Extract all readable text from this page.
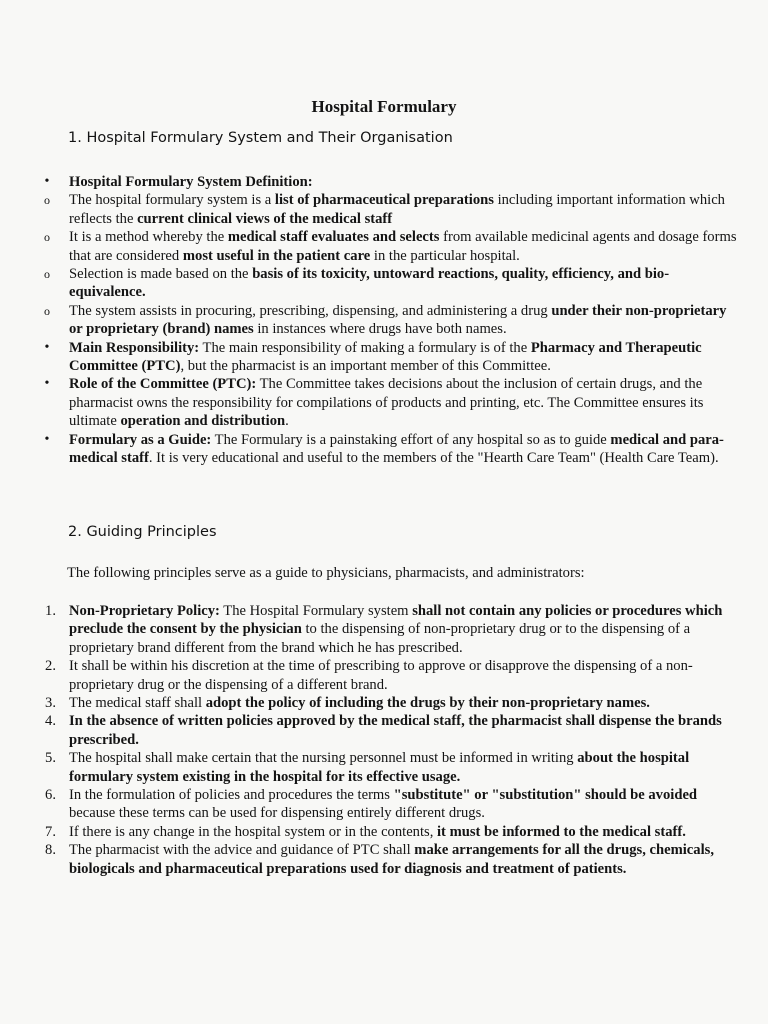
Hospital Formulary
1. Hospital Formulary System and Their Organisation

•	Hospital Formulary System Definition:

o	The hospital formulary system is a list of pharmaceutical preparations including important information which reflects the current clinical views of the medical staff

o	It is a method whereby the medical staff evaluates and selects from available medicinal agents and dosage forms that are considered most useful in the patient care in the particular hospital.

o	Selection is made based on the basis of its toxicity, untoward reactions, quality, efficiency, and bio-equivalence.

o	The system assists in procuring, prescribing, dispensing, and administering a drug under their non-proprietary or proprietary (brand) names in instances where drugs have both names.

•	Main Responsibility: The main responsibility of making a formulary is of the Pharmacy and Therapeutic Committee (PTC), but the pharmacist is an important member of this Committee.

•	Role of the Committee (PTC): The Committee takes decisions about the inclusion of certain drugs, and the pharmacist owns the responsibility for compilations of products and printing, etc. The Committee ensures its ultimate operation and distribution.

•	Formulary as a Guide: The Formulary is a painstaking effort of any hospital so as to guide medical and para-medical staff. It is very educational and useful to the members of the "Hearth Care Team" (Health Care Team).

2. Guiding Principles
The following principles serve as a guide to physicians, pharmacists, and administrators:

1. Non-Proprietary Policy: The Hospital Formulary system shall not contain any policies or procedures which preclude the consent by the physician to the dispensing of non-proprietary drug or to the dispensing of a proprietary brand different from the brand which he has prescribed.

2. It shall be within his discretion at the time of prescribing to approve or disapprove the dispensing of a non-proprietary drug or the dispensing of a different brand.

3. The medical staff shall adopt the policy of including the drugs by their non-proprietary names.

4. In the absence of written policies approved by the medical staff, the pharmacist shall dispense the brands prescribed.

5. The hospital shall make certain that the nursing personnel must be informed in writing about the hospital formulary system existing in the hospital for its effective usage.

6. In the formulation of policies and procedures the terms "substitute" or "substitution" should be avoided because these terms can be used for dispensing entirely different drugs.

7. If there is any change in the hospital system or in the contents, it must be informed to the medical staff.

8. The pharmacist with the advice and guidance of PTC shall make arrangements for all the drugs, chemicals, biologicals and pharmaceutical preparations used for diagnosis and treatment of patients.
